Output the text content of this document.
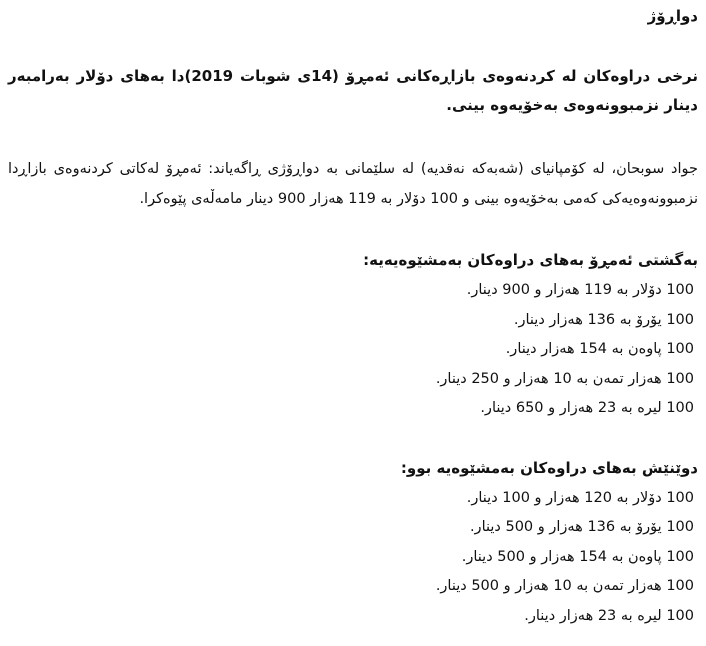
دواڕۆژ

نرخی دراوەکان لە کردنەوەی بازاڕەکانی ئەمڕۆ (14ی شوبات 2019)دا بەهای دۆلار بەرامبەر دینار نزمبوونەوەی بەخۆیەوە بینی.

جواد سوبحان، لە کۆمپانیای (شەبەکە نەقدیە) لە سلێمانی بە دواڕۆژی ڕاگەیاند: ئەمڕۆ لەکاتی کردنەوەی بازاڕدا نزمبوونەوەیەکی کەمی بەخۆیەوە بینی و 100 دۆلار بە 119 هەزار 900 دینار مامەڵەی پێوەکرا.

بەگشتی ئەمڕۆ بەهای دراوەکان بەمشێوەیەیە:
100 دۆلار بە 119 هەزار و 900 دینار.
100 یۆرۆ بە 136 هەزار دینار.
100 پاوەن بە 154 هەزار دینار.
100 هەزار تمەن بە 10 هەزار و 250 دینار.
100 لیرە بە 23 هەزار و 650 دینار.
دوێنێش بەهای دراوەکان بەمشێوەیە بوو:
100 دۆلار بە 120 هەزار و 100 دینار.
100 یۆرۆ بە 136 هەزار و 500 دینار.
100 پاوەن بە 154 هەزار و 500 دینار.
100 هەزار تمەن بە 10 هەزار و 500 دینار.
100 لیرە بە 23 هەزار دینار.
